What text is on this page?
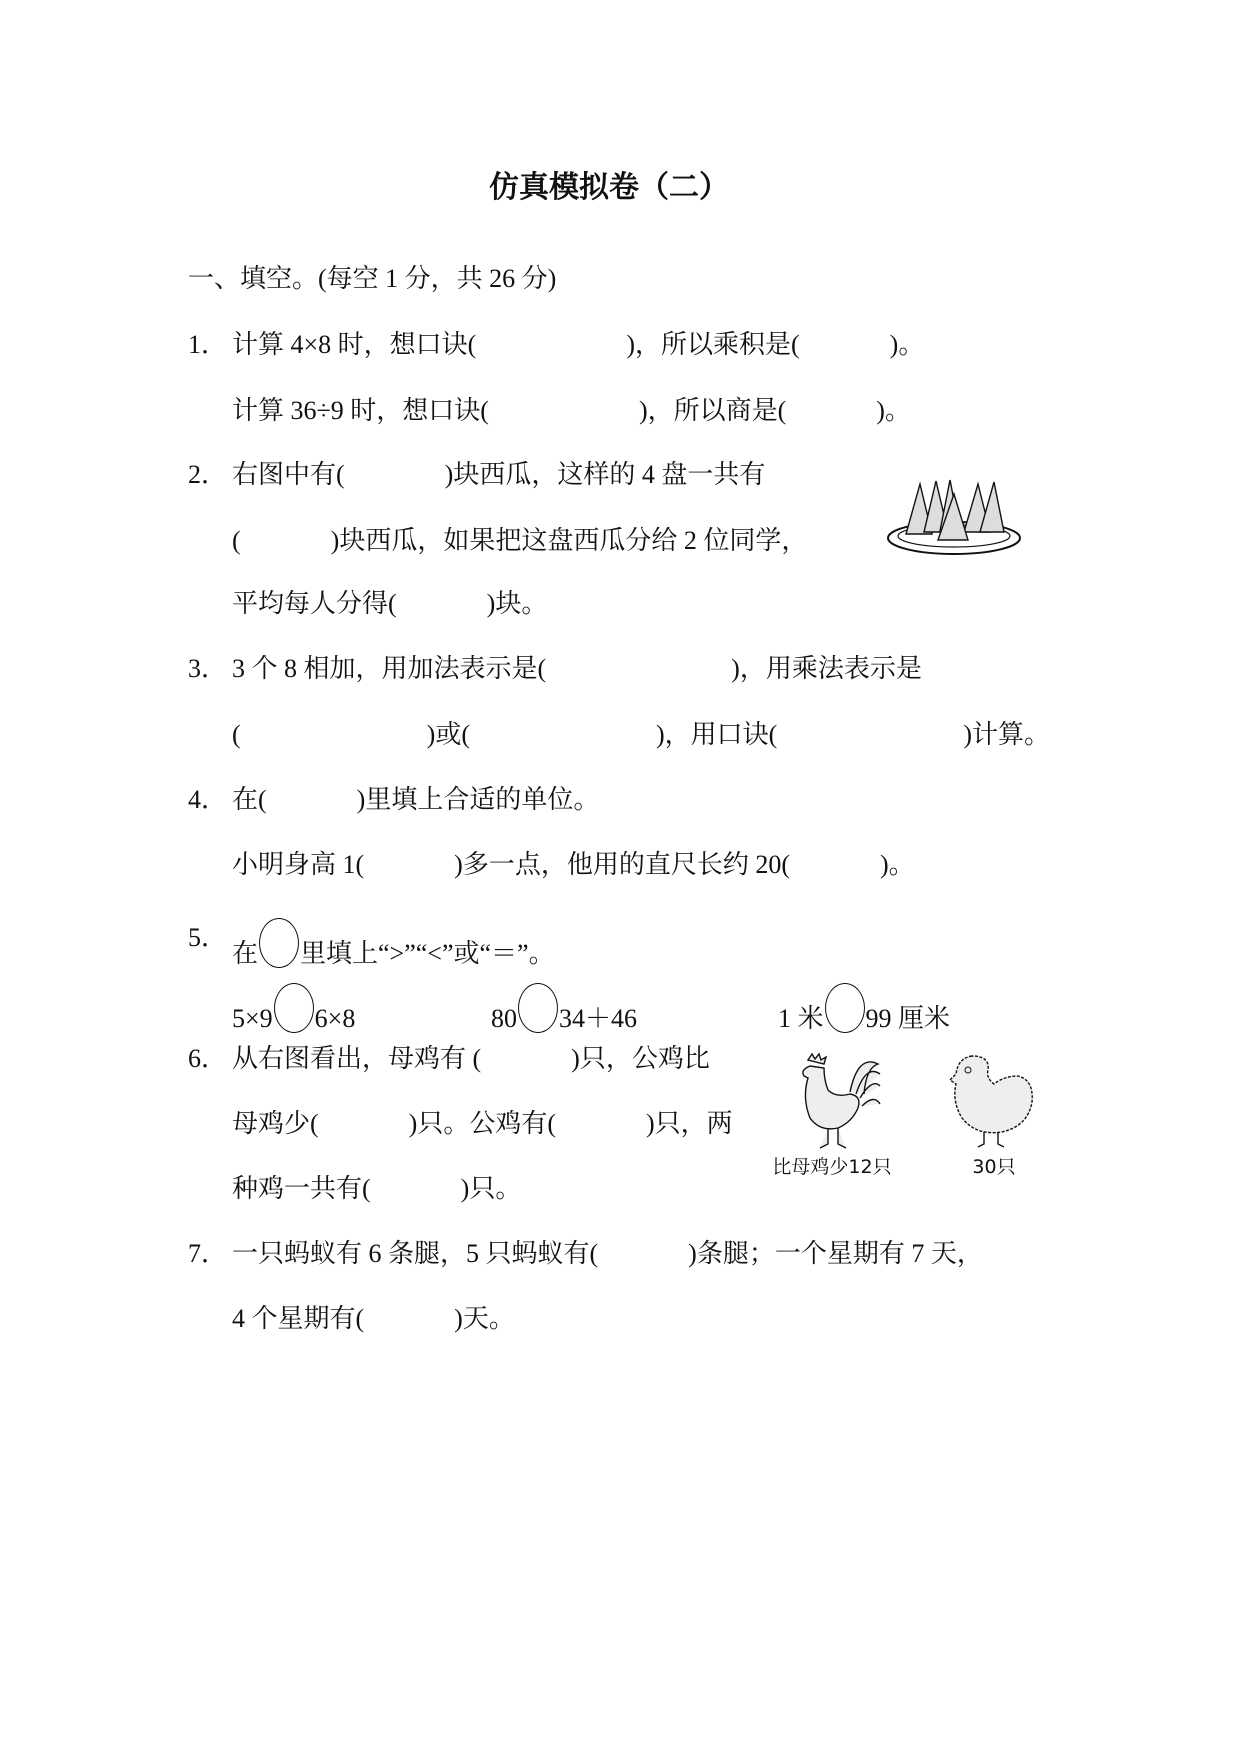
仿真模拟卷（二）
一、填空。(每空 1 分，共 26 分)
1． 计算 4×8 时，想口诀(	)，所以乘积是(	)。
计算 36÷9 时，想口诀(	)，所以商是(	)。
2． 右图中有(	)块西瓜，这样的 4 盘一共有
(	)块西瓜，如果把这盘西瓜分给 2 位同学，
平均每人分得(	)块。
3． 3 个 8 相加，用加法表示是(	)，用乘法表示是
(	)或(	)，用口诀(	)计算。
4． 在(	)里填上合适的单位。
小明身高 1(	)多一点，他用的直尺长约 20(	)。
5．
在 里填上“>”“<”或“＝”。
5×9 6×8	80 34＋46	1 米 99 厘米
6． 从右图看出，母鸡有 (	)只，公鸡比
母鸡少(	)只。公鸡有(	)只，两
种鸡一共有(	)只。
7． 一只蚂蚁有 6 条腿，5 只蚂蚁有(	)条腿；一个星期有 7 天，
4 个星期有(	)天。
比母鸡少12只	30只
